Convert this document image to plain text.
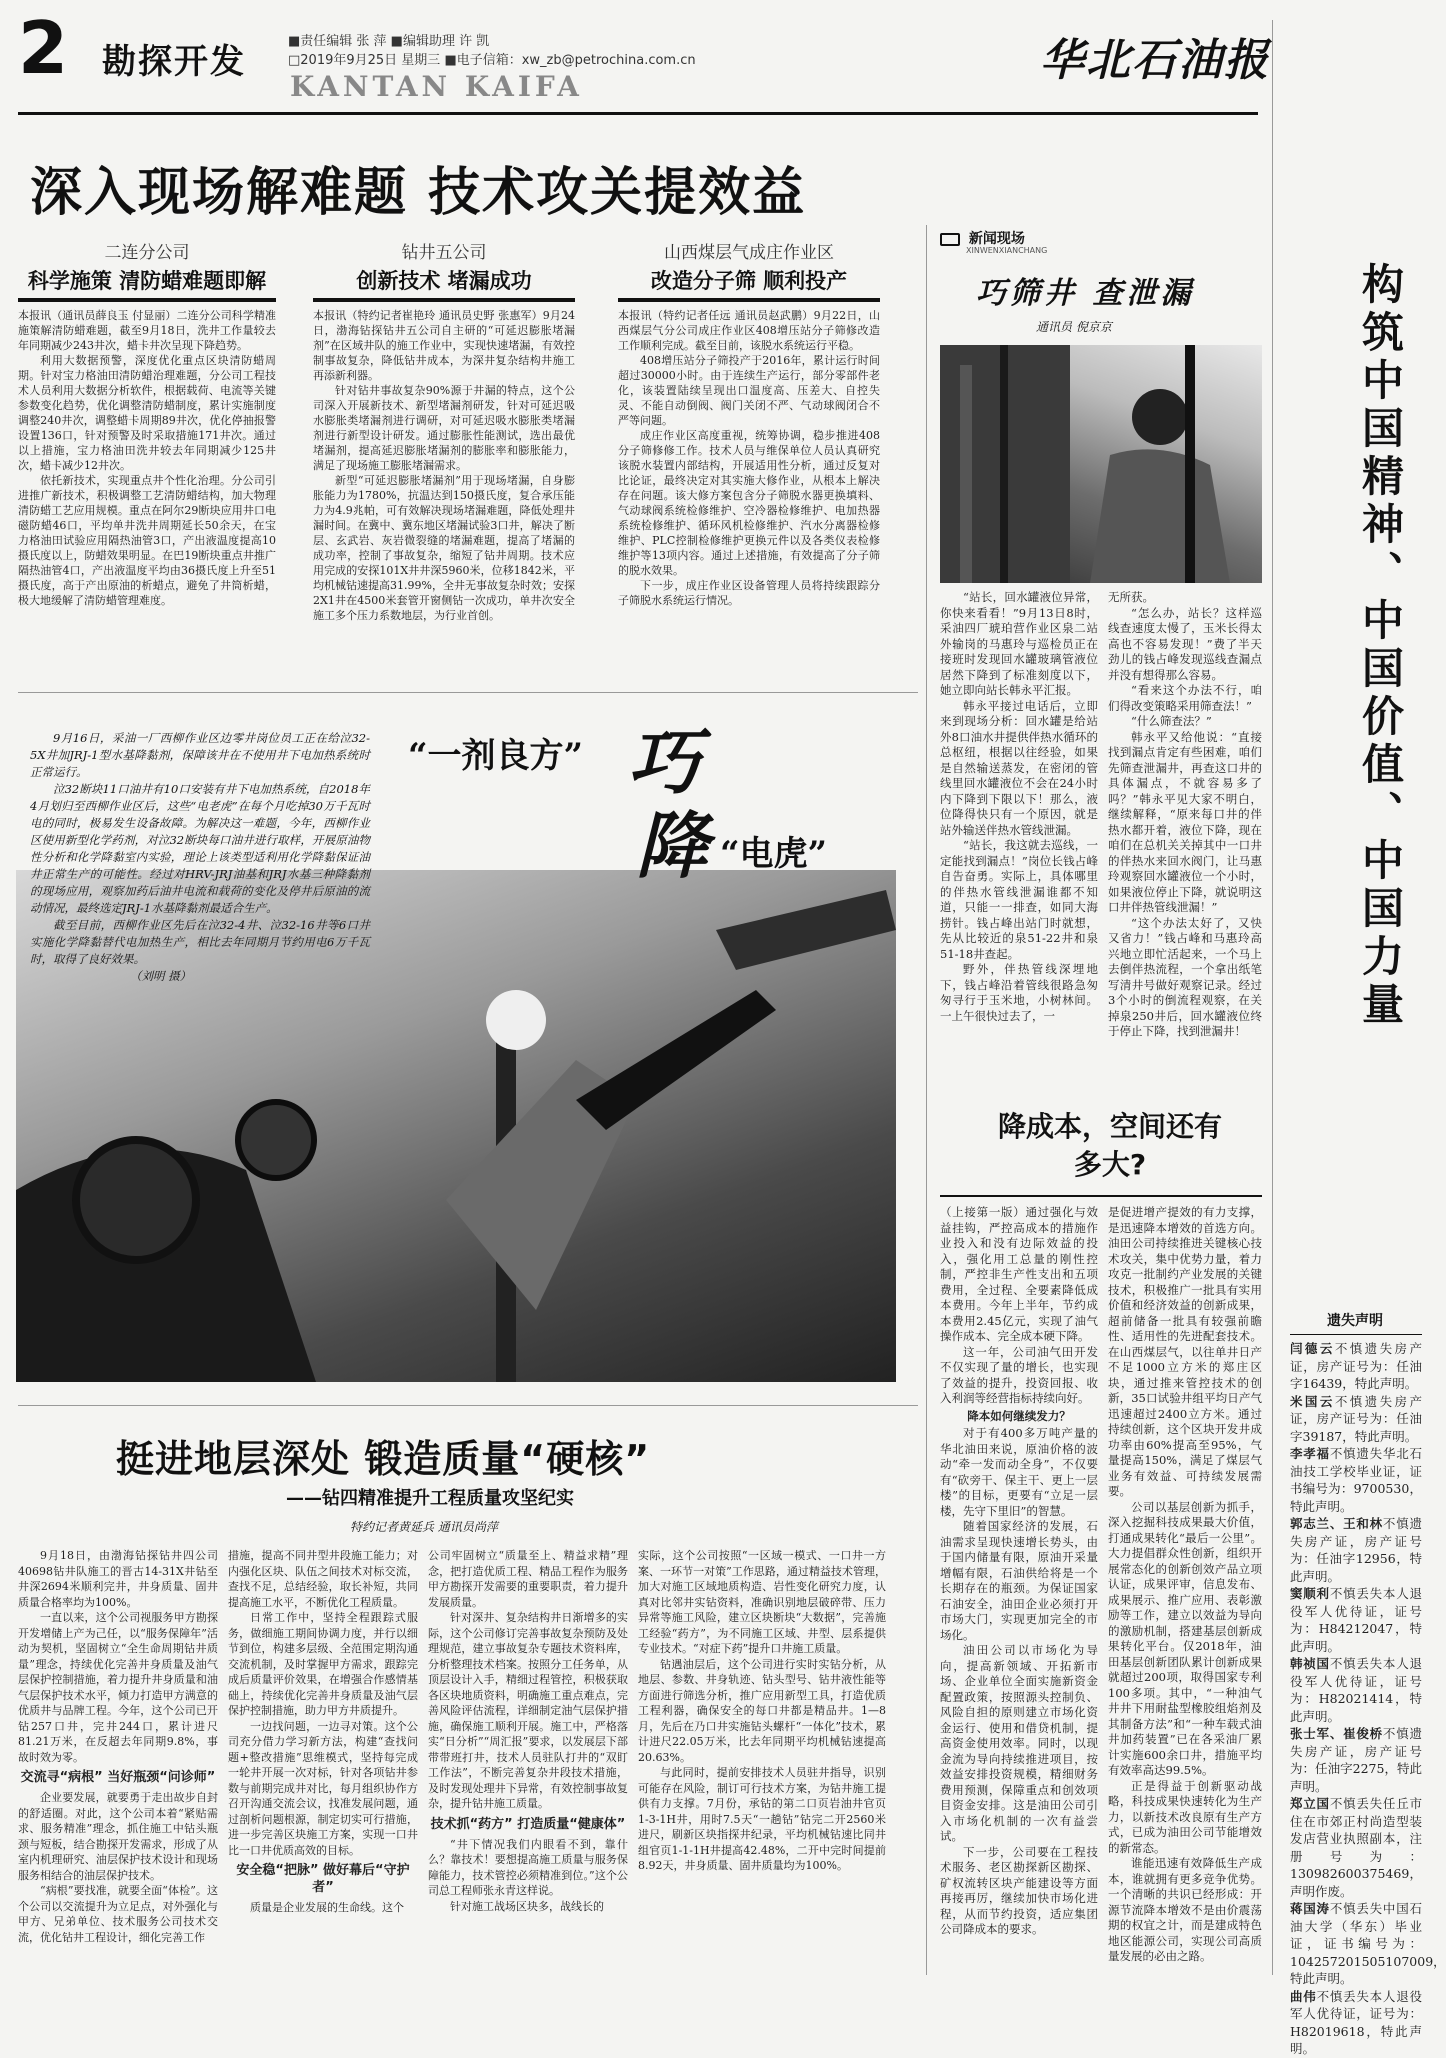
2 勘探开发
■责任编辑 张 萍 ■编辑助理 许 凯
□2019年9月25日 星期三 ■电子信箱：xw_zb@petrochina.com.cn
KANTAN KAIFA
华北石油报
深入现场解难题 技术攻关提效益
二连分公司
科学施策 清防蜡难题即解

本报讯（通讯员薛良玉 付显丽）二连分公司科学精准施策解清防蜡难题，截至9月18日，洗井工作量较去年同期减少243井次，蜡卡井次呈现下降趋势。

利用大数据预警，深度优化重点区块清防蜡周期。针对宝力格油田清防蜡治理难题，分公司工程技术人员利用大数据分析软件，根据载荷、电流等关键参数变化趋势，优化调整清防蜡制度，累计实施制度调整240井次，调整蜡卡周期89井次，优化停抽报警设置136口，针对预警及时采取措施171井次。通过以上措施，宝力格油田洗井较去年同期减少125井次，蜡卡减少12井次。

依托新技术，实现重点井个性化治理。分公司引进推广新技术，积极调整工艺清防蜡结构，加大物理清防蜡工艺应用规模。重点在阿尔29断块应用井口电磁防蜡46口，平均单井洗井周期延长50余天，在宝力格油田试验应用隔热油管3口，产出液温度提高10摄氏度以上，防蜡效果明显。在巴19断块重点井推广隔热油管4口，产出液温度平均由36摄氏度上升至51摄氏度，高于产出原油的析蜡点，避免了井筒析蜡，极大地缓解了清防蜡管理难度。

钻井五公司
创新技术 堵漏成功

本报讯（特约记者崔艳玲 通讯员史野 张惠军）9月24日，渤海钻探钻井五公司自主研的“可延迟膨胀堵漏剂”在区域井队的施工作业中，实现快速堵漏，有效控制事故复杂，降低钻井成本，为深井复杂结构井施工再添新利器。

针对钻井事故复杂90%源于井漏的特点，这个公司深入开展新技术、新型堵漏剂研发，针对可延迟吸水膨胀类堵漏剂进行调研，对可延迟吸水膨胀类堵漏剂进行新型设计研发。通过膨胀性能测试，选出最优堵漏剂，提高延迟膨胀堵漏剂的膨胀率和膨胀能力，满足了现场施工膨胀堵漏需求。

新型“可延迟膨胀堵漏剂”用于现场堵漏，自身膨胀能力为1780%，抗温达到150摄氏度，复合承压能力为4.9兆帕，可有效解决现场堵漏难题，降低处理井漏时间。在冀中、冀东地区堵漏试验3口井，解决了断层、玄武岩、灰岩微裂缝的堵漏难题，提高了堵漏的成功率，控制了事故复杂，缩短了钻井周期。技术应用完成的安探101X井井深5960米，位移1842米，平均机械钻速提高31.99%，全井无事故复杂时效；安探2X1井在4500米套管开窗侧钻一次成功，单井次安全施工多个压力系数地层，为行业首创。

山西煤层气成庄作业区
改造分子筛 顺利投产

本报讯（特约记者任远 通讯员赵武鹏）9月22日，山西煤层气分公司成庄作业区408增压站分子筛修改造工作顺利完成。截至目前，该脱水系统运行平稳。

408增压站分子筛投产于2016年，累计运行时间超过30000小时。由于连续生产运行，部分零部件老化，该装置陆续呈现出口温度高、压差大、自控失灵、不能自动倒阀、阀门关闭不严、气动球阀闭合不严等问题。

成庄作业区高度重视，统筹协调，稳步推进408分子筛修修工作。技术人员与维保单位人员认真研究该脱水装置内部结构，开展适用性分析，通过反复对比论证，最终决定对其实施大修作业，从根本上解决存在问题。该大修方案包含分子筛脱水器更换填料、气动球阀系统检修维护、空冷器检修维护、电加热器系统检修维护、循环风机检修维护、汽水分离器检修维护、PLC控制检修维护更换元件以及各类仪表检修维护等13项内容。通过上述措施，有效提高了分子筛的脱水效果。

下一步，成庄作业区设备管理人员将持续跟踪分子筛脱水系统运行情况。

“一剂良方” 巧
降 “电虎”

9月16日，采油一厂西柳作业区边零井岗位员工正在给泣32-5X井加JRJ-1型水基降黏剂，保障该井在不使用井下电加热系统时正常运行。

泣32断块11口油井有10口安装有井下电加热系统，自2018年4月划归至西柳作业区后，这些“电老虎”在每个月吃掉30万千瓦时电的同时，极易发生设备故障。为解决这一难题，今年，西柳作业区使用新型化学药剂，对泣32断块每口油井进行取样，开展原油物性分析和化学降黏室内实验，理论上该类型适利用化学降黏保证油井正常生产的可能性。经过对HRV-JRJ油基和JRJ水基三种降黏剂的现场应用，观察加药后油井电流和载荷的变化及停井后原油的流动情况，最终选定JRJ-1水基降黏剂最适合生产。

截至目前，西柳作业区先后在泣32-4井、泣32-16井等6口井实施化学降黏替代电加热生产，相比去年同期月节约用电6万千瓦时，取得了良好效果。

（刘明 摄）

新闻现场
XINWENXIANCHANG
巧筛井 查泄漏
通讯员 倪京京

“站长，回水罐液位异常，你快来看看！”9月13日8时，采油四厂琥珀营作业区泉二站外输岗的马惠玲与巡检员正在接班时发现回水罐玻璃管液位居然下降到了标准刻度以下，她立即向站长韩永平汇报。

韩永平接过电话后，立即来到现场分析：回水罐是给站外8口油水井提供伴热水循环的总枢纽，根据以往经验，如果是自然输送蒸发，在密闭的管线里回水罐液位不会在24小时内下降到下限以下！那么，液位降得快只有一个原因，就是站外输送伴热水管线泄漏。

“站长，我这就去巡线，一定能找到漏点！”岗位长钱占峰自告奋勇。实际上，具体哪里的伴热水管线泄漏谁都不知道，只能一一排查，如同大海捞针。钱占峰出站门时就想，先从比较近的泉51-22井和泉51-18井查起。

野外，伴热管线深埋地下，钱占峰沿着管线很路急匆匆寻行于玉米地，小树林间。一上午很快过去了，一

无所获。

“怎么办，站长？这样巡线查速度太慢了，玉米长得太高也不容易发现！”费了半天劲儿的钱占峰发现巡线查漏点并没有想得那么容易。

“看来这个办法不行，咱们得改变策略采用筛查法！”

“什么筛查法？”

韩永平又给他说：“直接找到漏点肯定有些困难，咱们先筛查泄漏井，再查这口井的具体漏点，不就容易多了吗？”韩永平见大家不明白，继续解释，“原来每口井的伴热水都开着，液位下降，现在咱们在总机关关掉其中一口井的伴热水来回水阀门，让马惠玲观察回水罐液位一个小时，如果液位停止下降，就说明这口井伴热管线泄漏！”

“这个办法太好了，又快又省力！”钱占峰和马惠玲高兴地立即忙活起来，一个马上去倒伴热流程，一个拿出纸笔写清井号做好观察记录。经过3个小时的倒流程观察，在关掉泉250井后，回水罐液位终于停止下降，找到泄漏井！

降成本，空间还有多大?

（上接第一版）通过强化与效益挂钩，严控高成本的措施作业投入和没有边际效益的投入，强化用工总量的刚性控制，严控非生产性支出和五项费用，全过程、全要素降低成本费用。今年上半年，节约成本费用2.45亿元，实现了油气操作成本、完全成本硬下降。

这一年，公司油气田开发不仅实现了量的增长，也实现了效益的提升，投资回报、收入利润等经营指标持续向好。

降本如何继续发力？

对于有400多万吨产量的华北油田来说，原油价格的波动“牵一发而动全身”，不仅要有“砍旁干、保主干、更上一层楼”的目标，更要有“立足一层楼，先守下里旧”的智慧。

随着国家经济的发展，石油需求呈现快速增长势头，由于国内储量有限，原油开采量增幅有限，石油供给将是一个长期存在的瓶颈。为保证国家石油安全，油田企业必须打开市场大门，实现更加完全的市场化。

油田公司以市场化为导向，提高新领域、开拓新市场、企业单位全面实施新资金配置政策，按照源头控制负、风险自担的原则建立市场化资金运行、使用和借贷机制，提高资金使用效率。同时，以现金流为导向持续推进项目，按效益安排投资规模，精细财务费用预测，保障重点和创效项目资金安排。这是油田公司引入市场化机制的一次有益尝试。

下一步，公司要在工程技术服务、老区勘探新区勘探、矿权流转区块产能建设等方面再接再厉，继续加快市场化进程，从而节约投资，适应集团公司降成本的要求。

是促进增产提效的有力支撑，是迅速降本增效的首选方向。油田公司持续推进关键核心技术攻关，集中优势力量，着力攻克一批制约产业发展的关键技术，积极推广一批具有实用价值和经济效益的创新成果，超前储备一批具有较强前瞻性、适用性的先进配套技术。在山西煤层气，以往单井日产不足1000立方米的郑庄区块，通过推来管控技术的创新，35口试验井组平均日产气迅速超过2400立方米。通过持续创新，这个区块开发井成功率由60%提高至95%，气量提高150%，满足了煤层气业务有效益、可持续发展需要。

公司以基层创新为抓手，深入挖掘科技成果最大价值，打通成果转化“最后一公里”。大力提倡群众性创新，组织开展常态化的创新创效产品立项认证，成果评审，信息发布、成果展示、推广应用、表彰激励等工作，建立以效益为导向的激励机制，搭建基层创新成果转化平台。仅2018年，油田基层创新团队累计创新成果就超过200项，取得国家专利100多项。其中，“一种油气井井下用耐盐型橡胶组焰剂及其制备方法”和“一种车载式油井加药装置”已在各采油厂累计实施600余口井，措施平均有效率高达99.5%。

正是得益于创新驱动战略，科技成果快速转化为生产力，以新技术改良原有生产方式，已成为油田公司节能增效的新常态。

谁能迅速有效降低生产成本，谁就拥有更多竞争优势。一个清晰的共识已经形成：开源节流降本增效不是由价震荡期的权宜之计，而是建成特色地区能源公司，实现公司高质量发展的必由之路。

挺进地层深处 锻造质量“硬核”
——钻四精准提升工程质量攻坚纪实
特约记者黄延兵 通讯员尚萍

9月18日，由渤海钻探钻井四公司40698钻井队施工的晋古14-31X井钻至井深2694米顺利完井，井身质量、固井质量合格率均为100%。

一直以来，这个公司视服务甲方勘探开发增储上产为己任，以“服务保障年”活动为契机，坚固树立“全生命周期钻井质量”理念，持续优化完善井身质量及油气层保护控制措施，着力提升井身质量和油气层保护技术水平，倾力打造甲方满意的优质井与品牌工程。今年，这个公司已开钻257口井，完井244口，累计进尺81.21万米，在反超去年同期9.8%，事故时效为零。

交流寻“病根” 当好瓶颈“问诊师”

企业要发展，就要勇于走出故步自封的舒适圈。对此，这个公司本着“紧贴需求、服务精准”理念，抓住施工中钻头瓶颈与短板，结合勘探开发需求，形成了从室内机理研究、油层保护技术设计和现场服务相结合的油层保护技术。

“病根”要找准，就要全面“体检”。这个公司以交流提升为立足点，对外强化与甲方、兄弟单位、技术服务公司技术交流，优化钻井工程设计，细化完善工作

措施，提高不同井型井段施工能力；对内强化区块、队伍之间技术对标交流，查找不足，总结经验，取长补短，共同提高施工水平，不断优化工程质量。

日常工作中，坚持全程跟踪式服务，做细施工期间协调力度，并行以细节到位，构建多层级、全范围定期沟通交流机制，及时掌握甲方需求，跟踪完成后质量评价效果，在增强合作感情基础上，持续优化完善井身质量及油气层保护控制措施，助力甲方井质提升。

一边找问题，一边寻对策。这个公司充分借力学习新方法，构建“查找问题+整改措施”思维模式，坚持每完成一轮井开展一次对标，针对各项钻井参数与前期完成井对比，每月组织协作方召开沟通交流会议，找准发展问题，通过剖析问题根源，制定切实可行措施，进一步完善区块施工方案，实现一口井比一口井优质高效的目标。

安全稳“把脉” 做好幕后“守护者”

质量是企业发展的生命线。这个

公司牢固树立“质量至上、精益求精”理念，把打造优质工程、精品工程作为服务甲方勘探开发需要的重要职责，着力提升发展质量。

针对深井、复杂结构井日渐增多的实际，这个公司修订完善事故复杂预防及处理规范，建立事故复杂专题技术资料库，分析整理技术档案。按照分工任务单，从顶层设计入手，精细过程管控，积极获取各区块地质资料，明确施工重点难点，完善风险评估流程，详细制定油气层保护措施，确保施工顺利开展。施工中，严格落实“日分析”“周汇报”要求，以发展层下部带带班打井，技术人员驻队打井的“双盯工作法”，不断完善复杂井段技术措施，及时发现处理井下异常，有效控制事故复杂，提升钻井施工质量。

技术抓“药方” 打造质量“健康体”

“井下情况我们内眼看不到，靠什么？靠技术！要想提高施工质量与服务保障能力，技术管控必须精准到位。”这个公司总工程师张永青这样说。

针对施工战场区块多，战线长的

实际，这个公司按照“一区域一模式、一口井一方案、一环节一对策”工作思路，通过精益技术管理，加大对施工区域地质构造、岩性变化研究力度，认真对比邻井实钻资料，准确识别地层破碎带、压力异常等施工风险，建立区块断块“大数据”，完善施工经验“药方”，为不同施工区域、井型、层系提供专业技术。“对症下药”提升口井施工质量。

钻遇油层后，这个公司进行实时实钻分析，从地层、参数、井身轨迹、钻头型号、钻井液性能等方面进行筛选分析，推广应用新型工具，打造优质工程利器，确保安全的每口井都是精品井。1—8月，先后在乃口井实施钻头螺杆“一体化”技术，累计进尺22.05万米，比去年同期平均机械钻速提高20.63%。

与此同时，提前安排技术人员驻井指导，识别可能存在风险，制订可行技术方案，为钻井施工提供有力支撑。7月份，承钻的第二口页岩油井官页1-3-1H井，用时7.5天“一趟钻”钻完二开2560米进尺，刷新区块指探井纪录，平均机械钻速比同井组官页1-1-1H井提高42.48%，二开中完时间提前8.92天，井身质量、固井质量均为100%。

构筑中国精神、中国价值、中国力量
遗失声明

闫德云不慎遗失房产证，房产证号为：任油字16439，特此声明。

米国云不慎遗失房产证，房产证号为：任油字39187，特此声明。

李孝福不慎遗失华北石油技工学校毕业证，证书编号为：9700530，特此声明。

郭志兰、王和林不慎遗失房产证，房产证号为：任油字12956，特此声明。

窦顺利不慎丢失本人退役军人优待证，证号为：H84212047，特此声明。

韩祯国不慎丢失本人退役军人优待证，证号为：H82021414，特此声明。

张士军、崔俊桥不慎遗失房产证，房产证号为：任油字2275，特此声明。

郑立国不慎丢失任丘市住在市郊正村尚造型装发店营业执照副本，注册号为：130982600375469，声明作废。

蒋国涛不慎丢失中国石油大学（华东）毕业证，证书编号为：104257201505107009，特此声明。

曲伟不慎丢失本人退役军人优待证，证号为：H82019618，特此声明。
